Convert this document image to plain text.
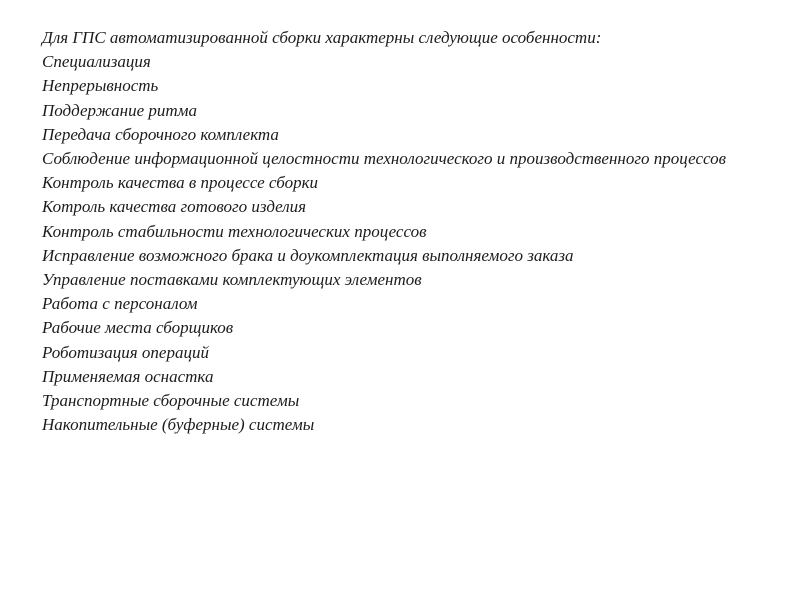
Для ГПС автоматизированной сборки характерны следующие особенности:
Специализация
Непрерывность
Поддержание ритма
Передача сборочного комплекта
Соблюдение информационной целостности технологического и производственного процессов
Контроль качества в процессе сборки
Котроль качества готового изделия
Контроль стабильности технологических процессов
Исправление возможного брака и доукомплектация выполняемого заказа
Управление поставками комплектующих элементов
Работа с персоналом
Рабочие места сборщиков
Роботизация операций
Применяемая оснастка
Транспортные сборочные системы
Накопительные (буферные) системы
